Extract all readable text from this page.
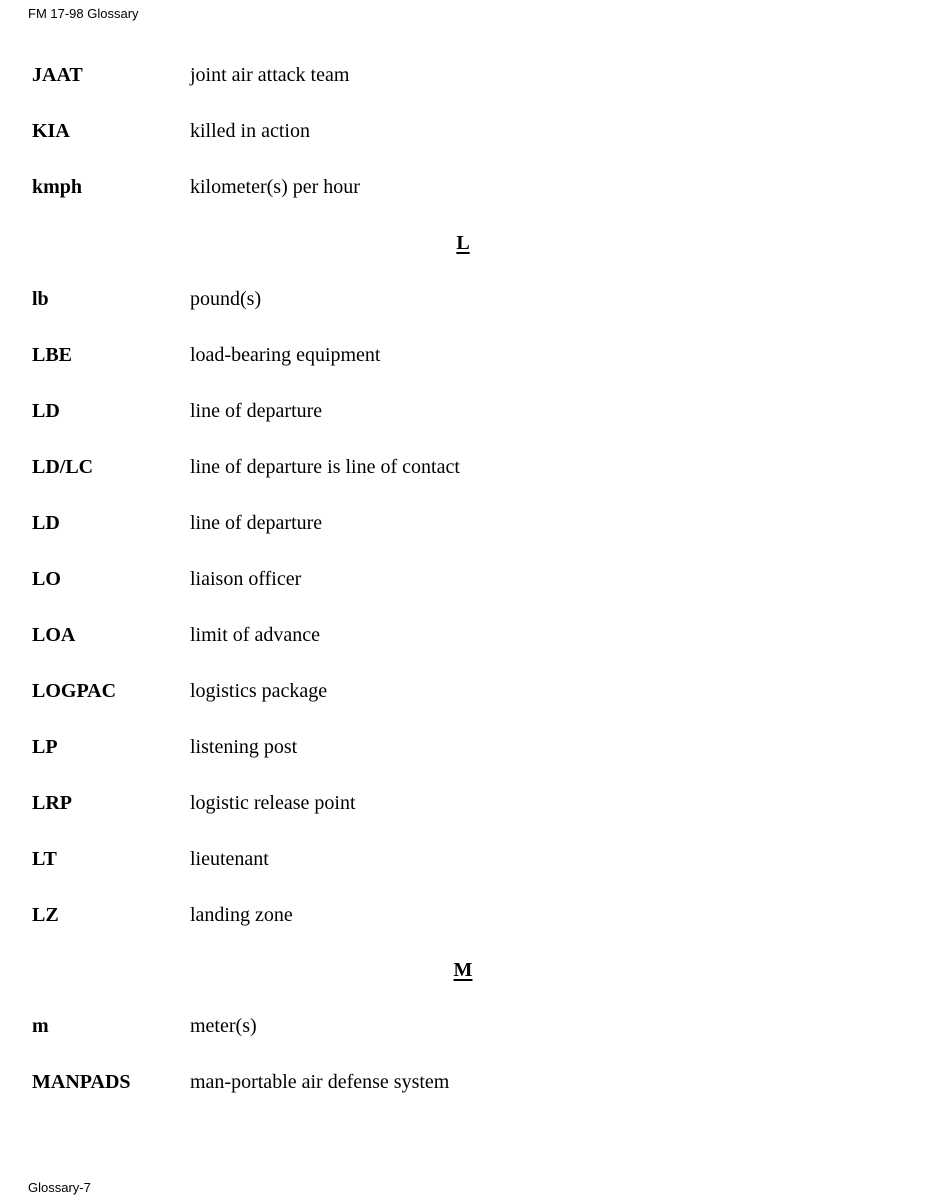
FM 17-98 Glossary
JAAT	joint air attack team
KIA	killed in action
kmph	kilometer(s) per hour
L
lb	pound(s)
LBE	load-bearing equipment
LD	line of departure
LD/LC	line of departure is line of contact
LD	line of departure
LO	liaison officer
LOA	limit of advance
LOGPAC	logistics package
LP	listening post
LRP	logistic release point
LT	lieutenant
LZ	landing zone
M
m	meter(s)
MANPADS	man-portable air defense system
Glossary-7
